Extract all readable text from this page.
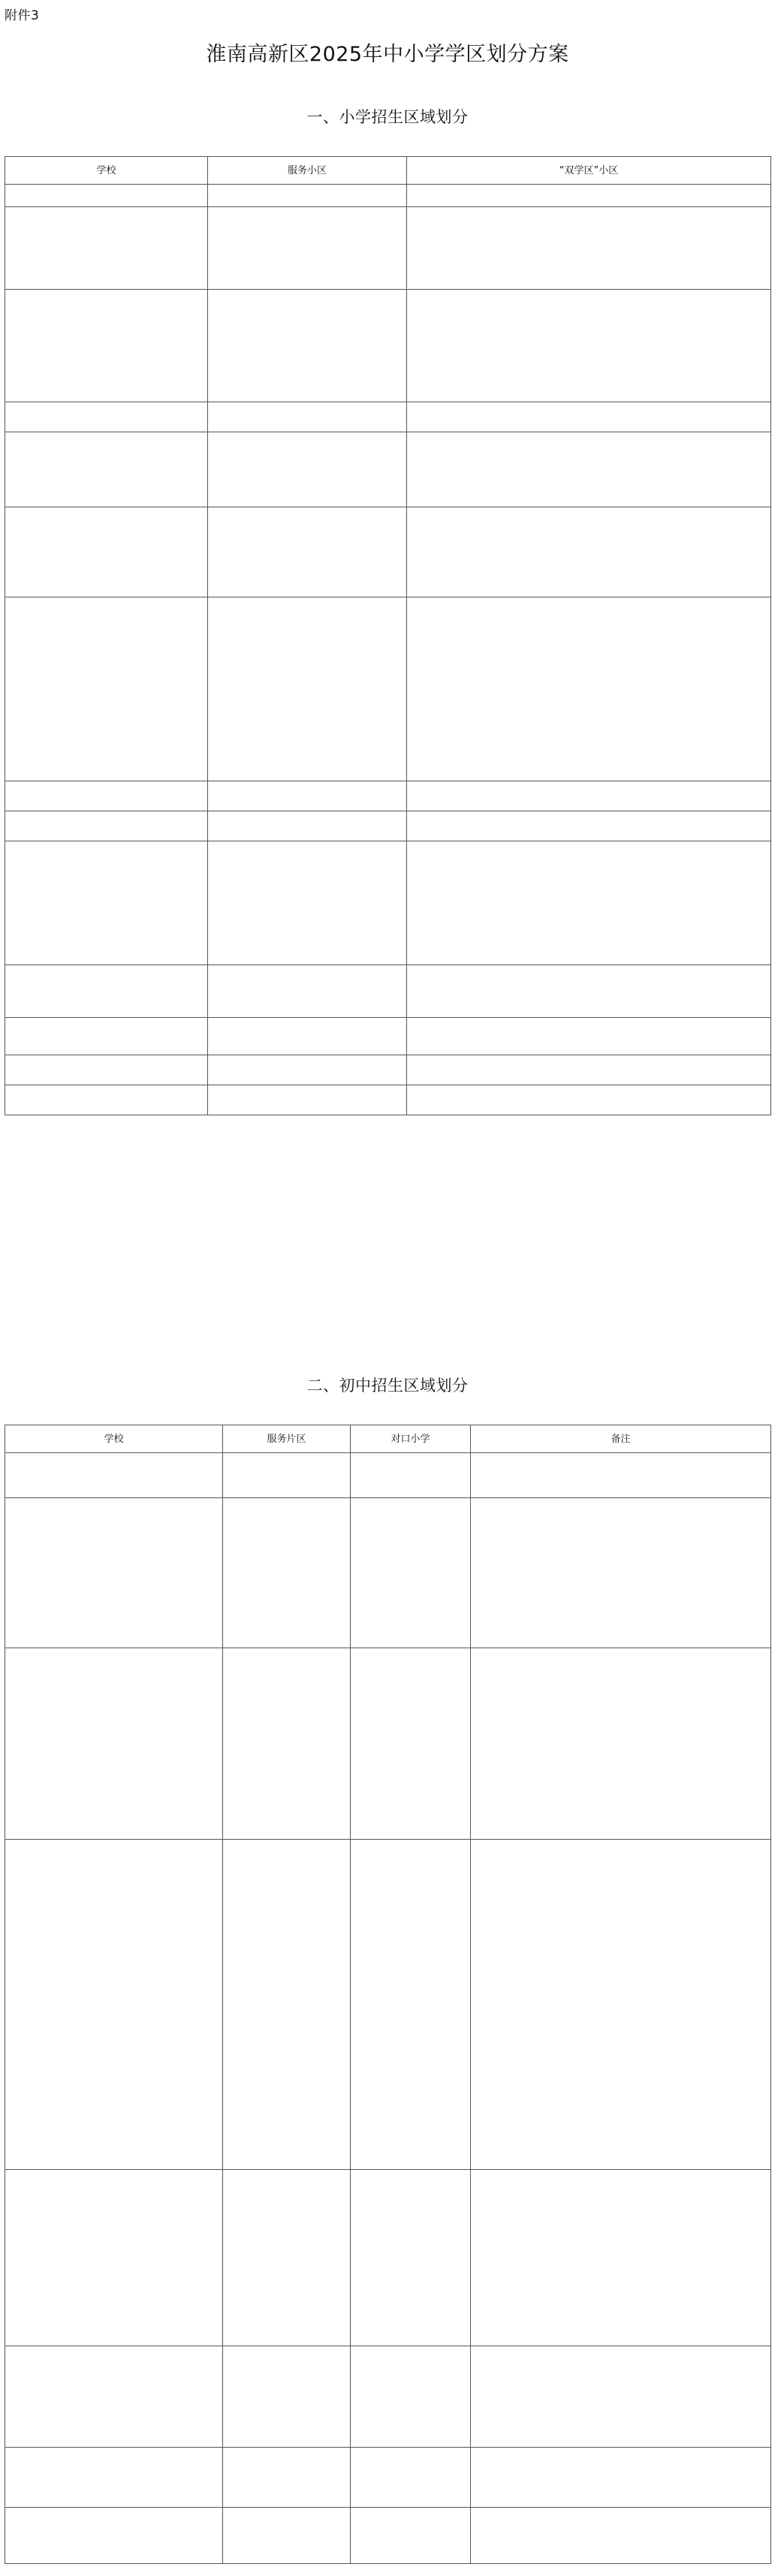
附件3
淮南高新区2025年中小学学区划分方案
一、小学招生区域划分
学校	服务小区	“双学区”小区

二、初中招生区域划分
学校	服务片区	对口小学	备注
